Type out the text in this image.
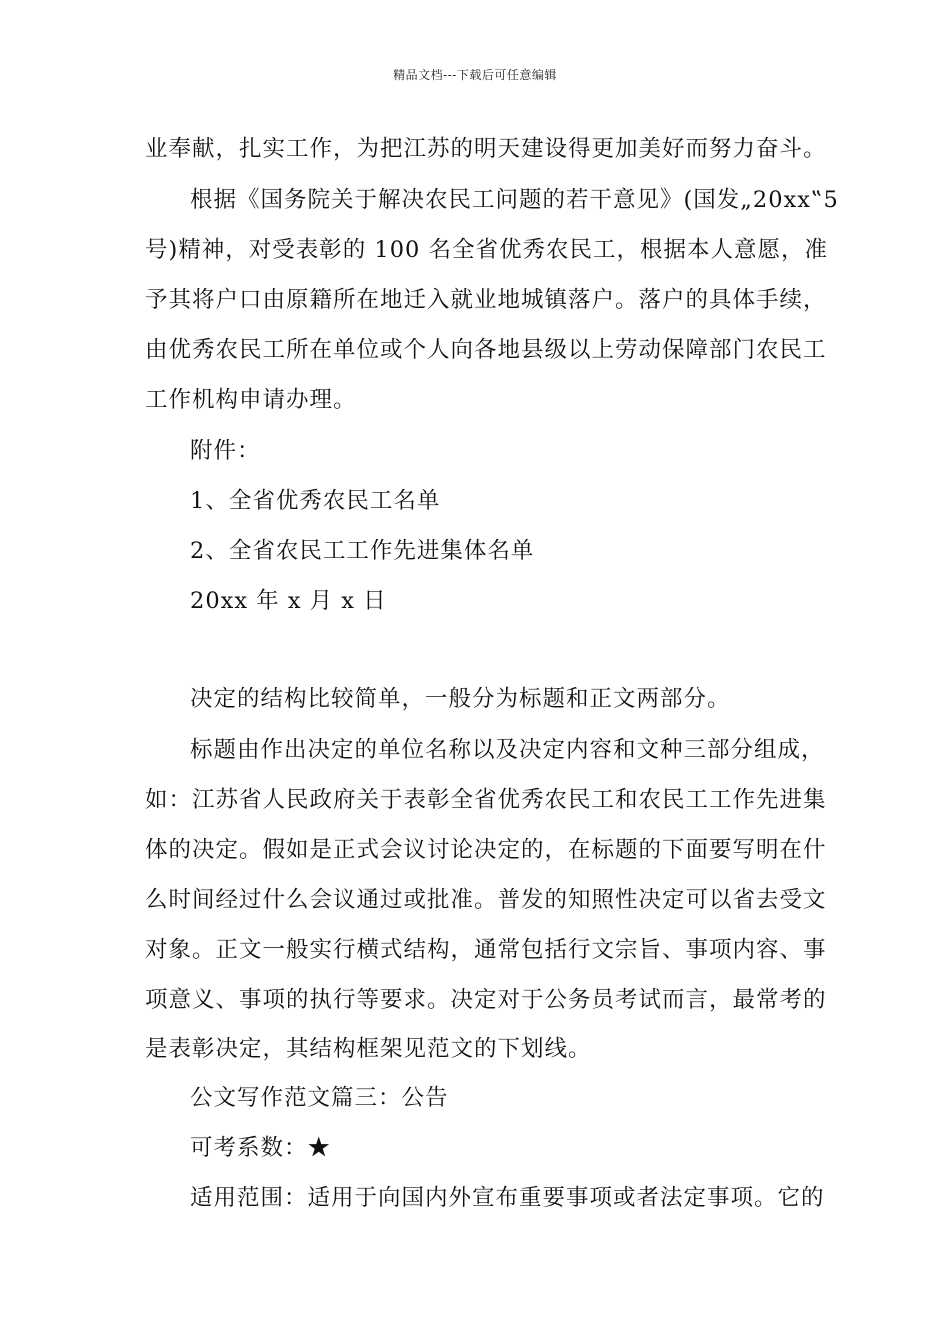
精品文档---下载后可任意编辑
业奉献，扎实工作，为把江苏的明天建设得更加美好而努力奋斗。
根据《国务院关于解决农民工问题的若干意见》(国发„20xx‟5
号)精神，对受表彰的 100 名全省优秀农民工，根据本人意愿，准
予其将户口由原籍所在地迁入就业地城镇落户。落户的具体手续，
由优秀农民工所在单位或个人向各地县级以上劳动保障部门农民工
工作机构申请办理。
附件：
1、全省优秀农民工名单
2、全省农民工工作先进集体名单
20xx 年 x 月 x 日
决定的结构比较简单，一般分为标题和正文两部分。
标题由作出决定的单位名称以及决定内容和文种三部分组成，
如：江苏省人民政府关于表彰全省优秀农民工和农民工工作先进集
体的决定。假如是正式会议讨论决定的，在标题的下面要写明在什
么时间经过什么会议通过或批准。普发的知照性决定可以省去受文
对象。正文一般实行横式结构，通常包括行文宗旨、事项内容、事
项意义、事项的执行等要求。决定对于公务员考试而言，最常考的
是表彰决定，其结构框架见范文的下划线。
公文写作范文篇三：公告
可考系数：★
适用范围：适用于向国内外宣布重要事项或者法定事项。它的
